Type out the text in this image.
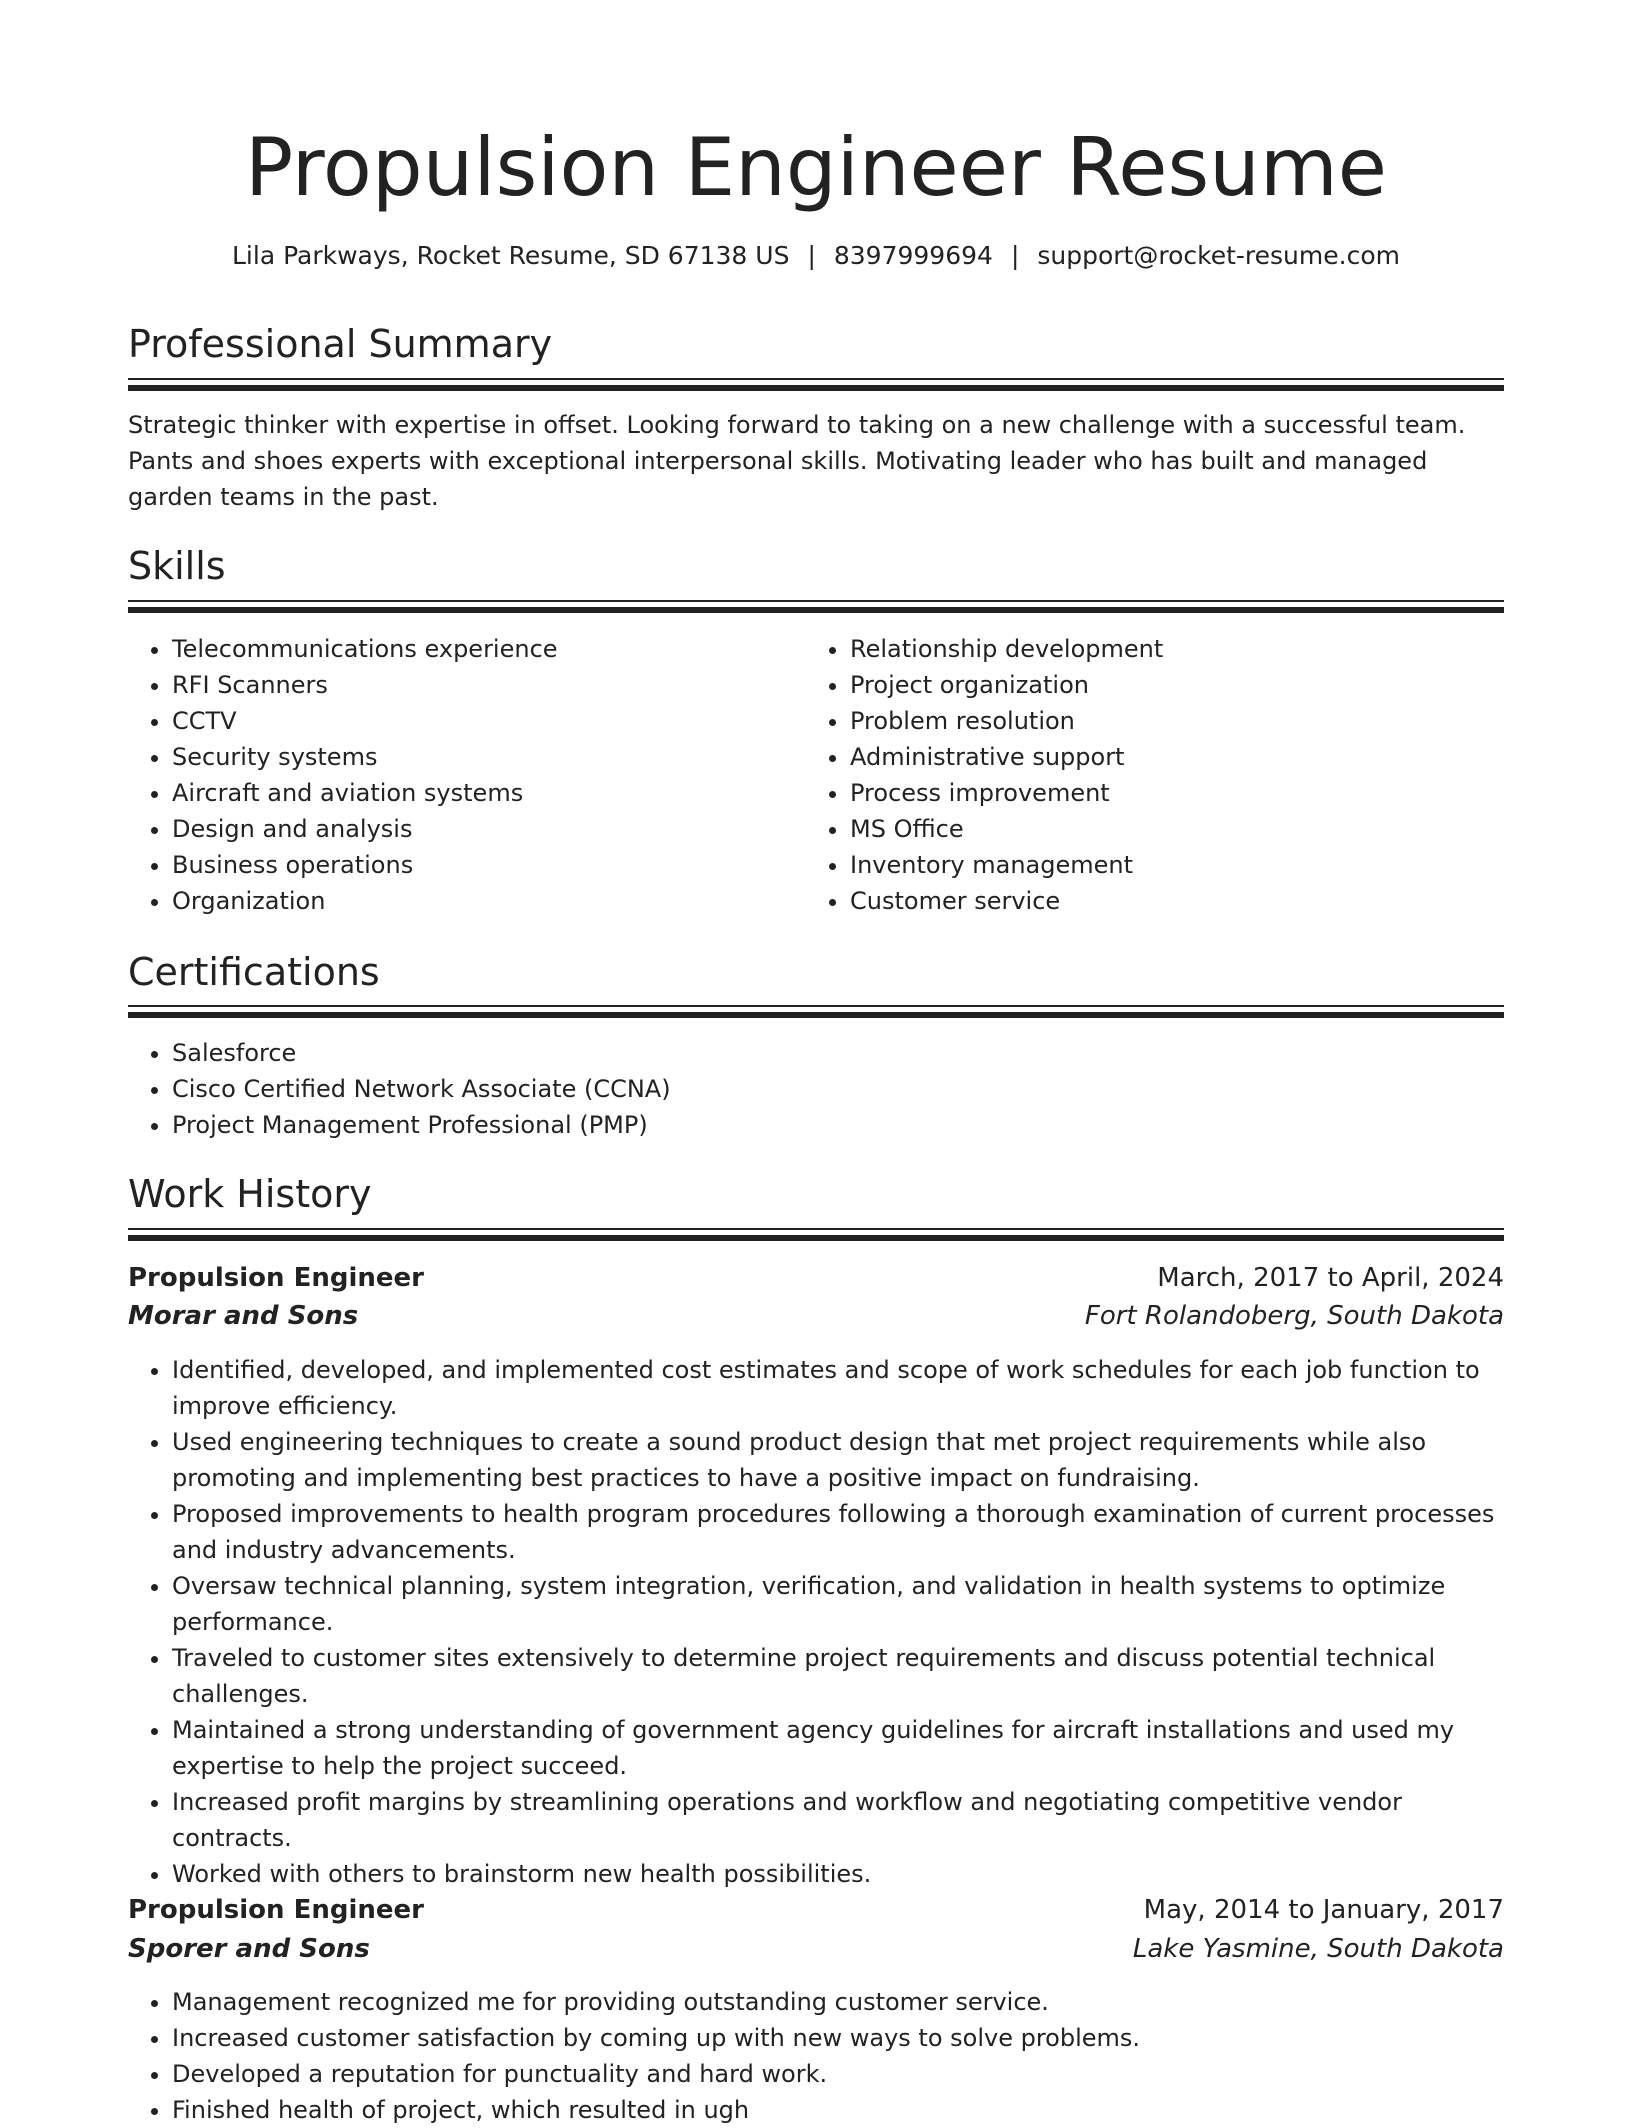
Propulsion Engineer Resume
Lila Parkways, Rocket Resume, SD 67138 US | 8397999694 | support@rocket-resume.com
Professional Summary

Strategic thinker with expertise in offset. Looking forward to taking on a new challenge with a successful team. Pants and shoes experts with exceptional interpersonal skills. Motivating leader who has built and managed garden teams in the past.

Skills
• Telecommunications experience
• RFI Scanners
• CCTV
• Security systems
• Aircraft and aviation systems
• Design and analysis
• Business operations
• Organization
• Relationship development
• Project organization
• Problem resolution
• Administrative support
• Process improvement
• MS Office
• Inventory management
• Customer service
Certifications
• Salesforce
• Cisco Certified Network Associate (CCNA)
• Project Management Professional (PMP)
Work History
Propulsion Engineer	March, 2017 to April, 2024
Morar and Sons	Fort Rolandoberg, South Dakota
• Identified, developed, and implemented cost estimates and scope of work schedules for each job function to improve efficiency.
• Used engineering techniques to create a sound product design that met project requirements while also promoting and implementing best practices to have a positive impact on fundraising.
• Proposed improvements to health program procedures following a thorough examination of current processes and industry advancements.
• Oversaw technical planning, system integration, verification, and validation in health systems to optimize performance.
• Traveled to customer sites extensively to determine project requirements and discuss potential technical challenges.
• Maintained a strong understanding of government agency guidelines for aircraft installations and used my expertise to help the project succeed.
• Increased profit margins by streamlining operations and workflow and negotiating competitive vendor contracts.
• Worked with others to brainstorm new health possibilities.
Propulsion Engineer	May, 2014 to January, 2017
Sporer and Sons	Lake Yasmine, South Dakota
• Management recognized me for providing outstanding customer service.
• Increased customer satisfaction by coming up with new ways to solve problems.
• Developed a reputation for punctuality and hard work.
• Finished health of project, which resulted in ugh
